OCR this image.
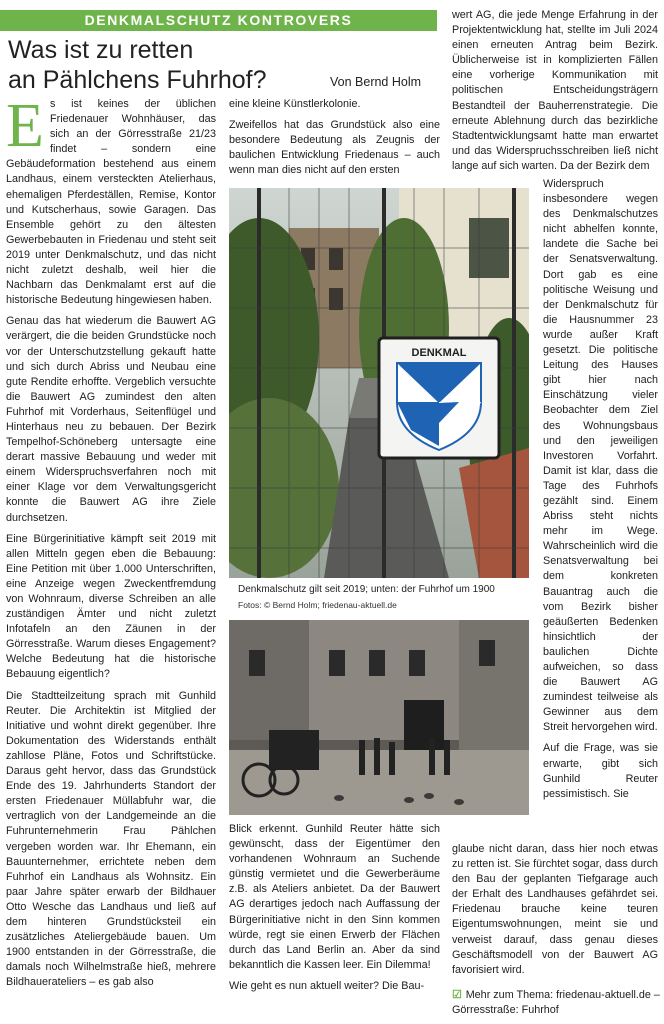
DENKMALSCHUTZ KONTROVERS
Was ist zu retten
an Pählchens Fuhrhof?	Von Bernd Holm

Es ist keines der üblichen Friedenauer Wohnhäuser, das sich an der Görresstraße 21/23 findet – sondern eine Gebäudeformation bestehend aus einem Landhaus, einem versteckten Atelierhaus, ehemaligen Pferdeställen, Remise, Kontor und Kutscherhaus, sowie Garagen. Das Ensemble gehört zu den ältesten Gewerbebauten in Friedenau und steht seit 2019 unter Denkmalschutz, und das nicht nicht zuletzt deshalb, weil hier die Nachbarn das Denkmalamt erst auf die historische Bedeutung hingewiesen haben.

Genau das hat wiederum die Bauwert AG verärgert, die die beiden Grundstücke noch vor der Unterschutzstellung gekauft hatte und sich durch Abriss und Neubau eine gute Rendite erhoffte. Vergeblich versuchte die Bauwert AG zumindest den alten Fuhrhof mit Vorderhaus, Seitenflügel und Hinterhaus neu zu bebauen. Der Bezirk Tempelhof-Schöneberg untersagte eine derart massive Bebauung und weder mit einem Widerspruchsverfahren noch mit einer Klage vor dem Verwaltungsgericht konnte die Bauwert AG ihre Ziele durchsetzen.

Eine Bürgerinitiative kämpft seit 2019 mit allen Mitteln gegen eben die Bebauung: Eine Petition mit über 1.000 Unterschriften, eine Anzeige wegen Zweckentfremdung von Wohnraum, diverse Schreiben an alle zuständigen Ämter und nicht zuletzt Infotafeln an den Zäunen in der Görresstraße. Warum dieses Engagement? Welche Bedeutung hat die historische Bebauung eigentlich?

Die Stadtteilzeitung sprach mit Gunhild Reuter. Die Architektin ist Mitglied der Initiative und wohnt direkt gegenüber. Ihre Dokumentation des Widerstands enthält zahllose Pläne, Fotos und Schriftstücke. Daraus geht hervor, dass das Grundstück Ende des 19. Jahrhunderts Standort der ersten Friedenauer Müllabfuhr war, die vertraglich von der Landgemeinde an die Fuhrunternehmerin Frau Pählchen vergeben worden war. Ihr Ehemann, ein Bauunternehmer, errichtete neben dem Fuhrhof ein Landhaus als Wohnsitz. Ein paar Jahre später erwarb der Bildhauer Otto Wesche das Landhaus und ließ auf dem hinteren Grundstücksteil ein zusätzliches Ateliergebäude bauen. Um 1900 entstanden in der Görresstraße, die damals noch Wilhelmstraße hieß, mehrere Bildhauerateliers – es gab also

eine kleine Künstlerkolonie.

Zweifellos hat das Grundstück also eine besondere Bedeutung als Zeugnis der baulichen Entwicklung Friedenaus – auch wenn man dies nicht auf den ersten

DENKMAL
Denkmalschutz gilt seit 2019; unten: der Fuhrhof um 1900
Fotos: © Bernd Holm; friedenau-aktuell.de

Blick erkennt. Gunhild Reuter hätte sich gewünscht, dass der Eigentümer den vorhandenen Wohnraum an Suchende günstig vermietet und die Gewerberäume z.B. als Ateliers anbietet. Da der Bauwert AG derartiges jedoch nach Auffassung der Bürgerinitiative nicht in den Sinn kommen würde, regt sie einen Erwerb der Flächen durch das Land Berlin an. Aber da sind bekanntlich die Kassen leer. Ein Dilemma!

Wie geht es nun aktuell weiter? Die Bau-

wert AG, die jede Menge Erfahrung in der Projektentwicklung hat, stellte im Juli 2024 einen erneuten Antrag beim Bezirk. Üblicherweise ist in komplizierten Fällen eine vorherige Kommunikation mit politischen Entscheidungsträgern Bestandteil der Bauherrenstrategie. Die erneute Ablehnung durch das bezirkliche Stadtentwicklungsamt hatte man erwartet und das Widerspruchsschreiben ließ nicht lange auf sich warten. Da der Bezirk dem

Widerspruch insbesondere wegen des Denkmalschutzes nicht abhelfen konnte, landete die Sache bei der Senatsverwaltung. Dort gab es eine politische Weisung und der Denkmalschutz für die Hausnummer 23 wurde außer Kraft gesetzt. Die politische Leitung des Hauses gibt hier nach Einschätzung vieler Beobachter dem Ziel des Wohnungsbaus und den jeweiligen Investoren Vorfahrt. Damit ist klar, dass die Tage des Fuhrhofs gezählt sind. Einem Abriss steht nichts mehr im Wege. Wahrscheinlich wird die Senatsverwaltung bei dem konkreten Bauantrag auch die vom Bezirk bisher geäußerten Bedenken hinsichtlich der baulichen Dichte aufweichen, so dass die Bauwert AG zumindest teilweise als Gewinner aus dem Streit hervorgehen wird.

Auf die Frage, was sie erwarte, gibt sich Gunhild Reuter pessimistisch. Sie

glaube nicht daran, dass hier noch etwas zu retten ist. Sie fürchtet sogar, dass durch den Bau der geplanten Tiefgarage auch der Erhalt des Landhauses gefährdet sei. Friedenau brauche keine teuren Eigentumswohnungen, meint sie und verweist darauf, dass genau dieses Geschäftsmodell von der Bauwert AG favorisiert wird.

☑ Mehr zum Thema: friedenau-aktuell.de – Görresstraße: Fuhrhof
